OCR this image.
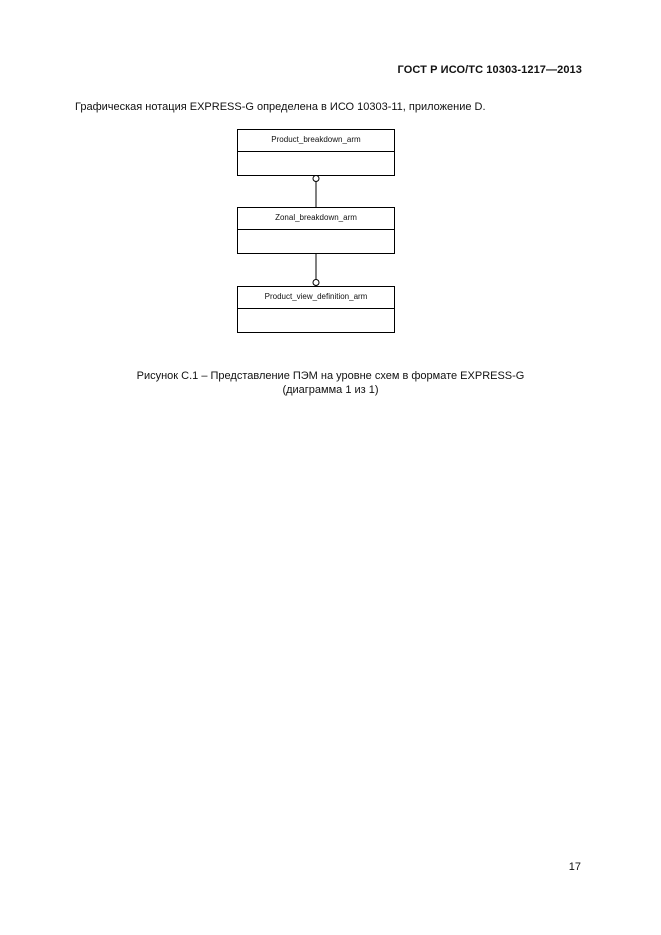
ГОСТ Р ИСО/ТС 10303-1217—2013
Графическая нотация EXPRESS-G определена в ИСО 10303-11, приложение D.
Product_breakdown_arm
Zonal_breakdown_arm
Product_view_definition_arm
Рисунок С.1 – Представление ПЭМ на уровне схем в формате EXPRESS-G
(диаграмма 1 из 1)
17
